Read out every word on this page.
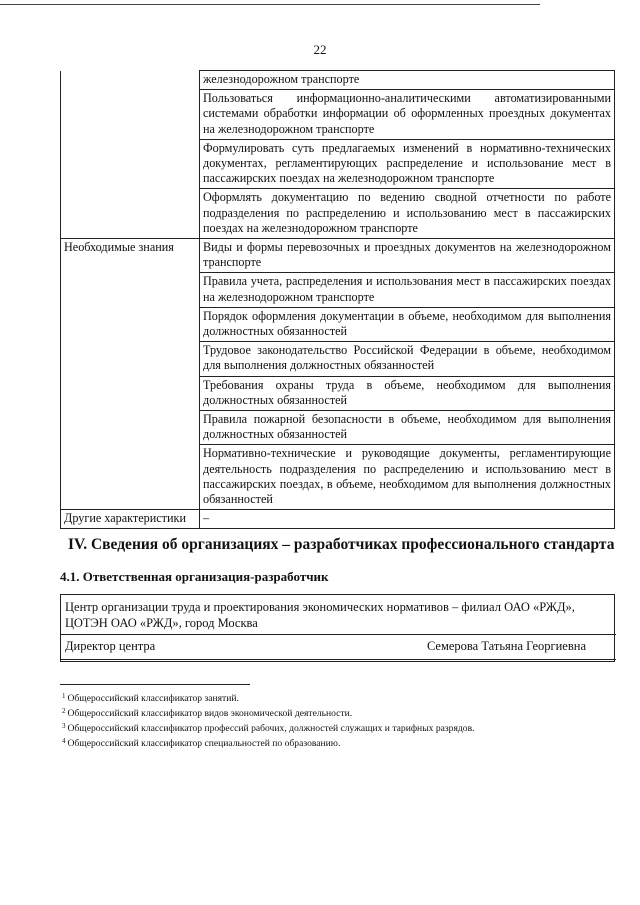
22
	железнодорожном транспорте
	Пользоваться информационно-аналитическими автоматизированными системами обработки информации об оформленных проездных документах на железнодорожном транспорте
	Формулировать суть предлагаемых изменений в нормативно-технических документах, регламентирующих распределение и использование мест в пассажирских поездах на железнодорожном транспорте
	Оформлять документацию по ведению сводной отчетности по работе подразделения по распределению и использованию мест в пассажирских поездах на железнодорожном транспорте
Необходимые знания	Виды и формы перевозочных и проездных документов на железнодорожном транспорте
	Правила учета, распределения и использования мест в пассажирских поездах на железнодорожном транспорте
	Порядок оформления документации в объеме, необходимом для выполнения должностных обязанностей
	Трудовое законодательство Российской Федерации в объеме, необходимом для выполнения должностных обязанностей
	Требования охраны труда в объеме, необходимом для выполнения должностных обязанностей
	Правила пожарной безопасности в объеме, необходимом для выполнения должностных обязанностей
	Нормативно-технические и руководящие документы, регламентирующие деятельность подразделения по распределению и использованию мест в пассажирских поездах, в объеме, необходимом для выполнения должностных обязанностей
Другие характеристики	–
IV. Сведения об организациях – разработчиках профессионального стандарта
4.1. Ответственная организация-разработчик
Центр организации труда и проектирования экономических нормативов – филиал ОАО «РЖД», ЦОТЭН ОАО «РЖД», город Москва
Директор центра	Семерова Татьяна Георгиевна
$^1$ Общероссийский классификатор занятий.
$^2$ Общероссийский классификатор видов экономической деятельности.
$^3$ Общероссийский классификатор профессий рабочих, должностей служащих и тарифных разрядов.
$^4$ Общероссийский классификатор специальностей по образованию.
